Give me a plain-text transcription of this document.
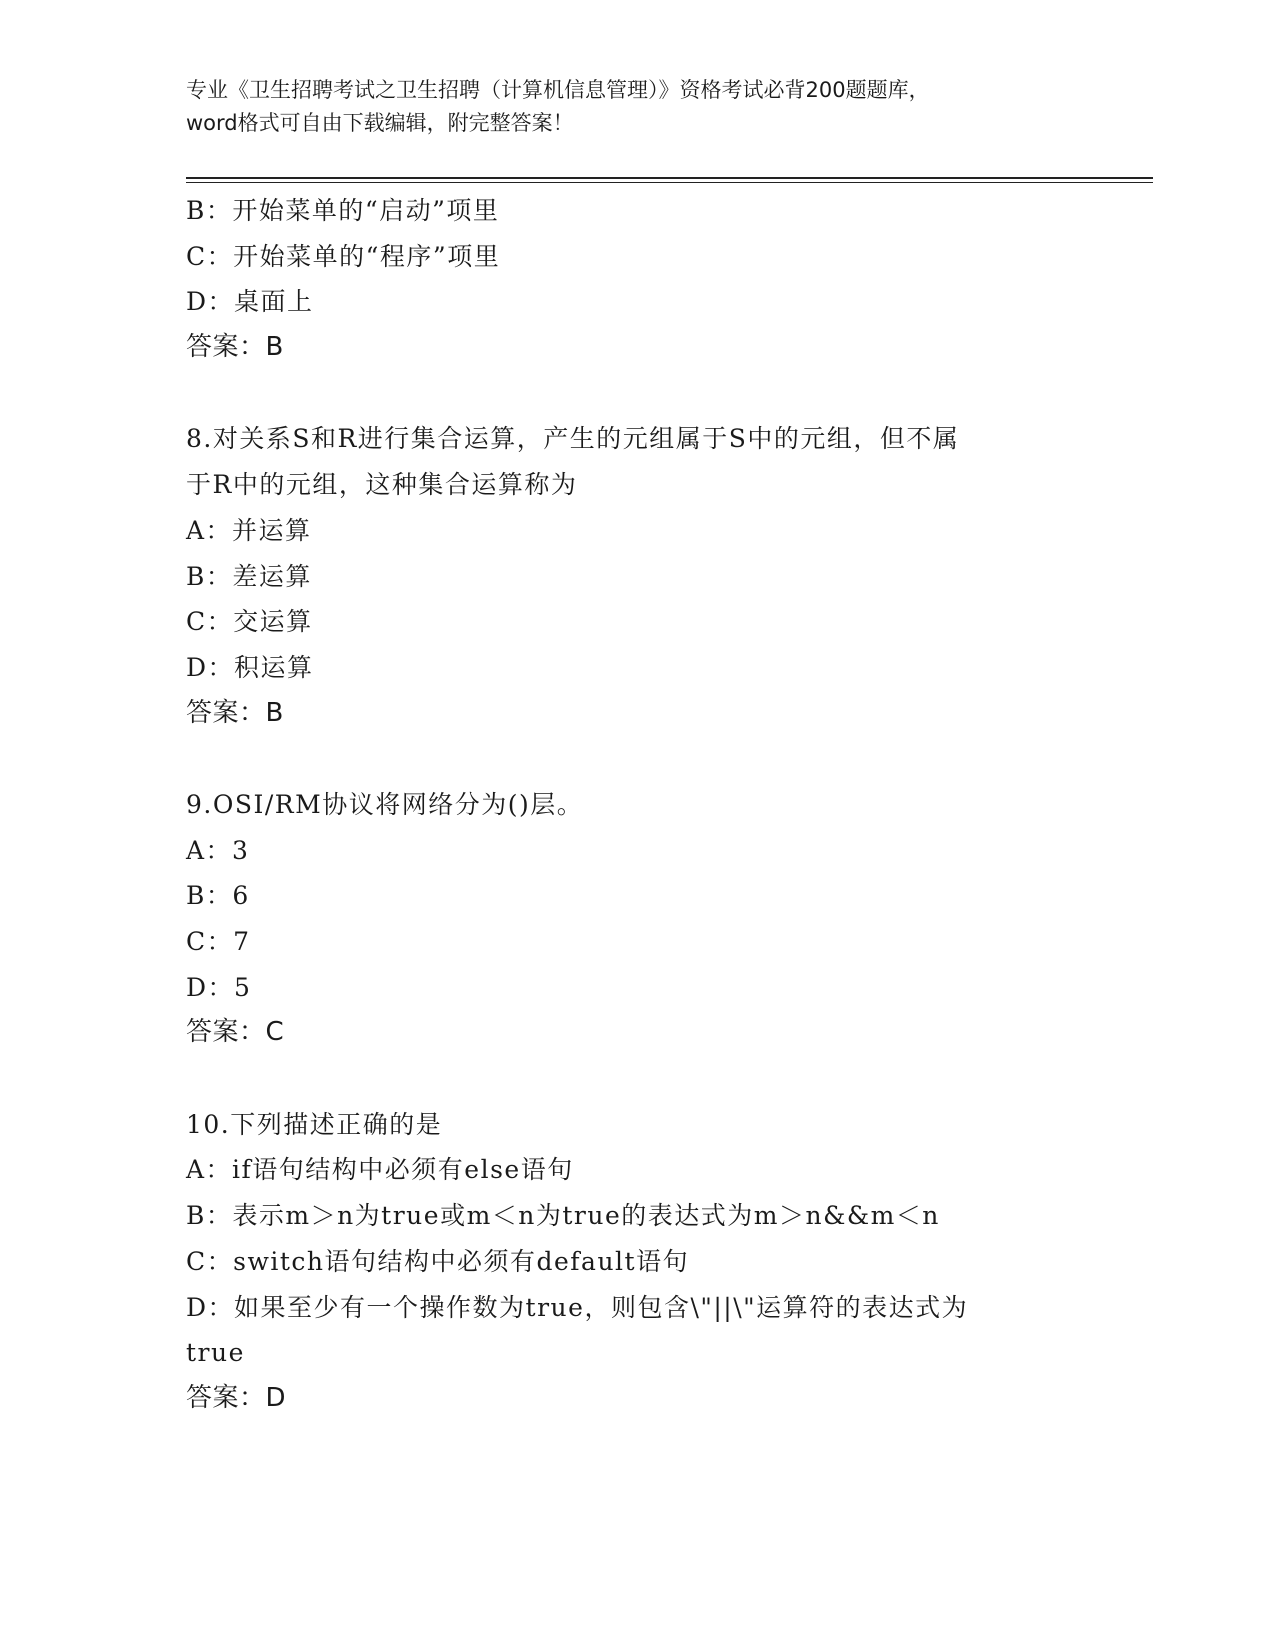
专业《卫生招聘考试之卫生招聘（计算机信息管理）》资格考试必背200题题库，
word格式可自由下载编辑，附完整答案！
B：开始菜单的“启动”项里
C：开始菜单的“程序”项里
D：桌面上
答案：B
8.对关系S和R进行集合运算，产生的元组属于S中的元组，但不属
于R中的元组，这种集合运算称为
A：并运算
B：差运算
C：交运算
D：积运算
答案：B
9.OSI/RM协议将网络分为()层。
A：3
B：6
C：7
D：5
答案：C
10.下列描述正确的是
A：if语句结构中必须有else语句
B：表示m＞n为true或m＜n为true的表达式为m＞n&&m＜n
C：switch语句结构中必须有default语句
D：如果至少有一个操作数为true，则包含\"||\"运算符的表达式为
true
答案：D
